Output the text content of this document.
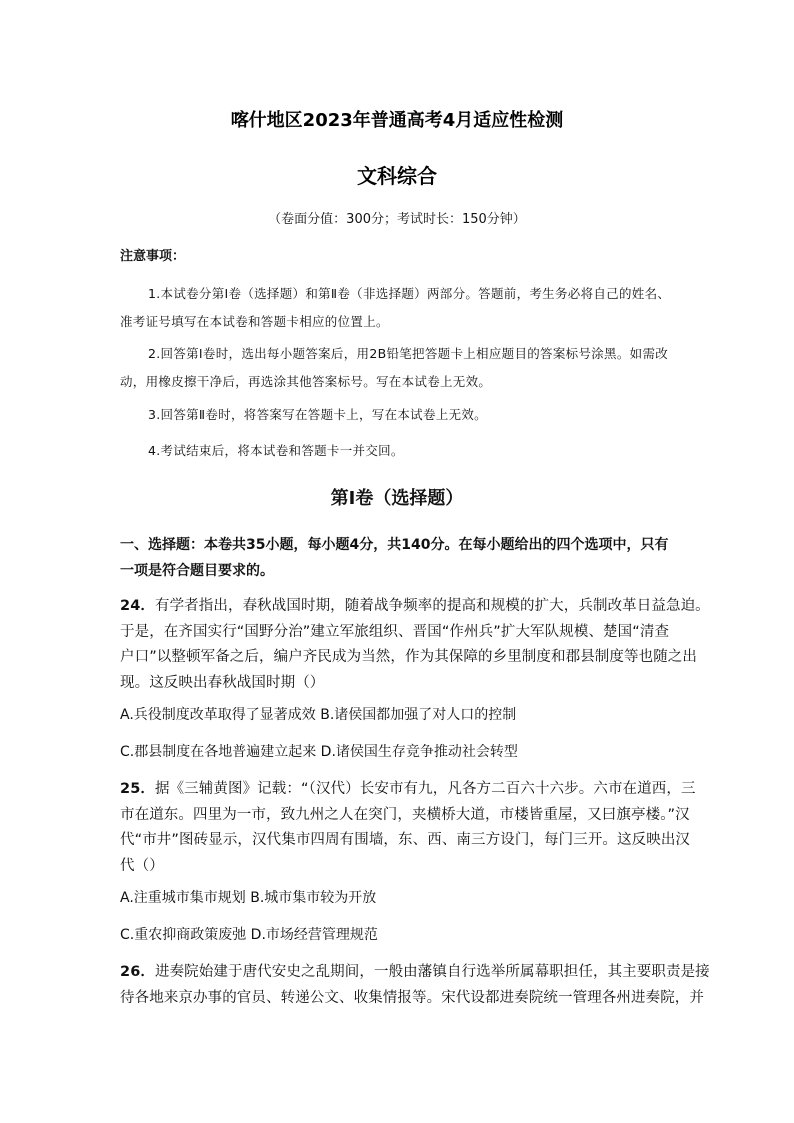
喀什地区2023年普通高考4月适应性检测
文科综合
（卷面分值：300分；考试时长：150分钟）
注意事项：
1.本试卷分第Ⅰ卷（选择题）和第Ⅱ卷（非选择题）两部分。答题前，考生务必将自己的姓名、准考证号填写在本试卷和答题卡相应的位置上。
2.回答第Ⅰ卷时，选出每小题答案后，用2B铅笔把答题卡上相应题目的答案标号涂黑。如需改动，用橡皮擦干净后，再选涂其他答案标号。写在本试卷上无效。
3.回答第Ⅱ卷时，将答案写在答题卡上，写在本试卷上无效。
4.考试结束后，将本试卷和答题卡一并交回。
第Ⅰ卷（选择题）
一、选择题：本卷共35小题，每小题4分，共140分。在每小题给出的四个选项中，只有一项是符合题目要求的。
24．有学者指出，春秋战国时期，随着战争频率的提高和规模的扩大，兵制改革日益急迫。
于是，在齐国实行“国野分治”建立军旅组织、晋国“作州兵”扩大军队规模、楚国“清查
户口”以整顿军备之后，编户齐民成为当然，作为其保障的乡里制度和郡县制度等也随之出
现。这反映出春秋战国时期（）
A.兵役制度改革取得了显著成效 B.诸侯国都加强了对人口的控制
C.郡县制度在各地普遍建立起来 D.诸侯国生存竞争推动社会转型
25．据《三辅黄图》记载：“（汉代）长安市有九，凡各方二百六十六步。六市在道西，三
市在道东。四里为一市，致九州之人在突门，夹横桥大道，市楼皆重屋，又曰旗亭楼。”汉
代“市井”图砖显示，汉代集市四周有围墙，东、西、南三方设门，每门三开。这反映出汉
代（）
A.注重城市集市规划 B.城市集市较为开放
C.重农抑商政策废弛 D.市场经营管理规范
26．进奏院始建于唐代安史之乱期间，一般由藩镇自行选举所属幕职担任，其主要职责是接
待各地来京办事的官员、转递公文、收集情报等。宋代设都进奏院统一管理各州进奏院，并
